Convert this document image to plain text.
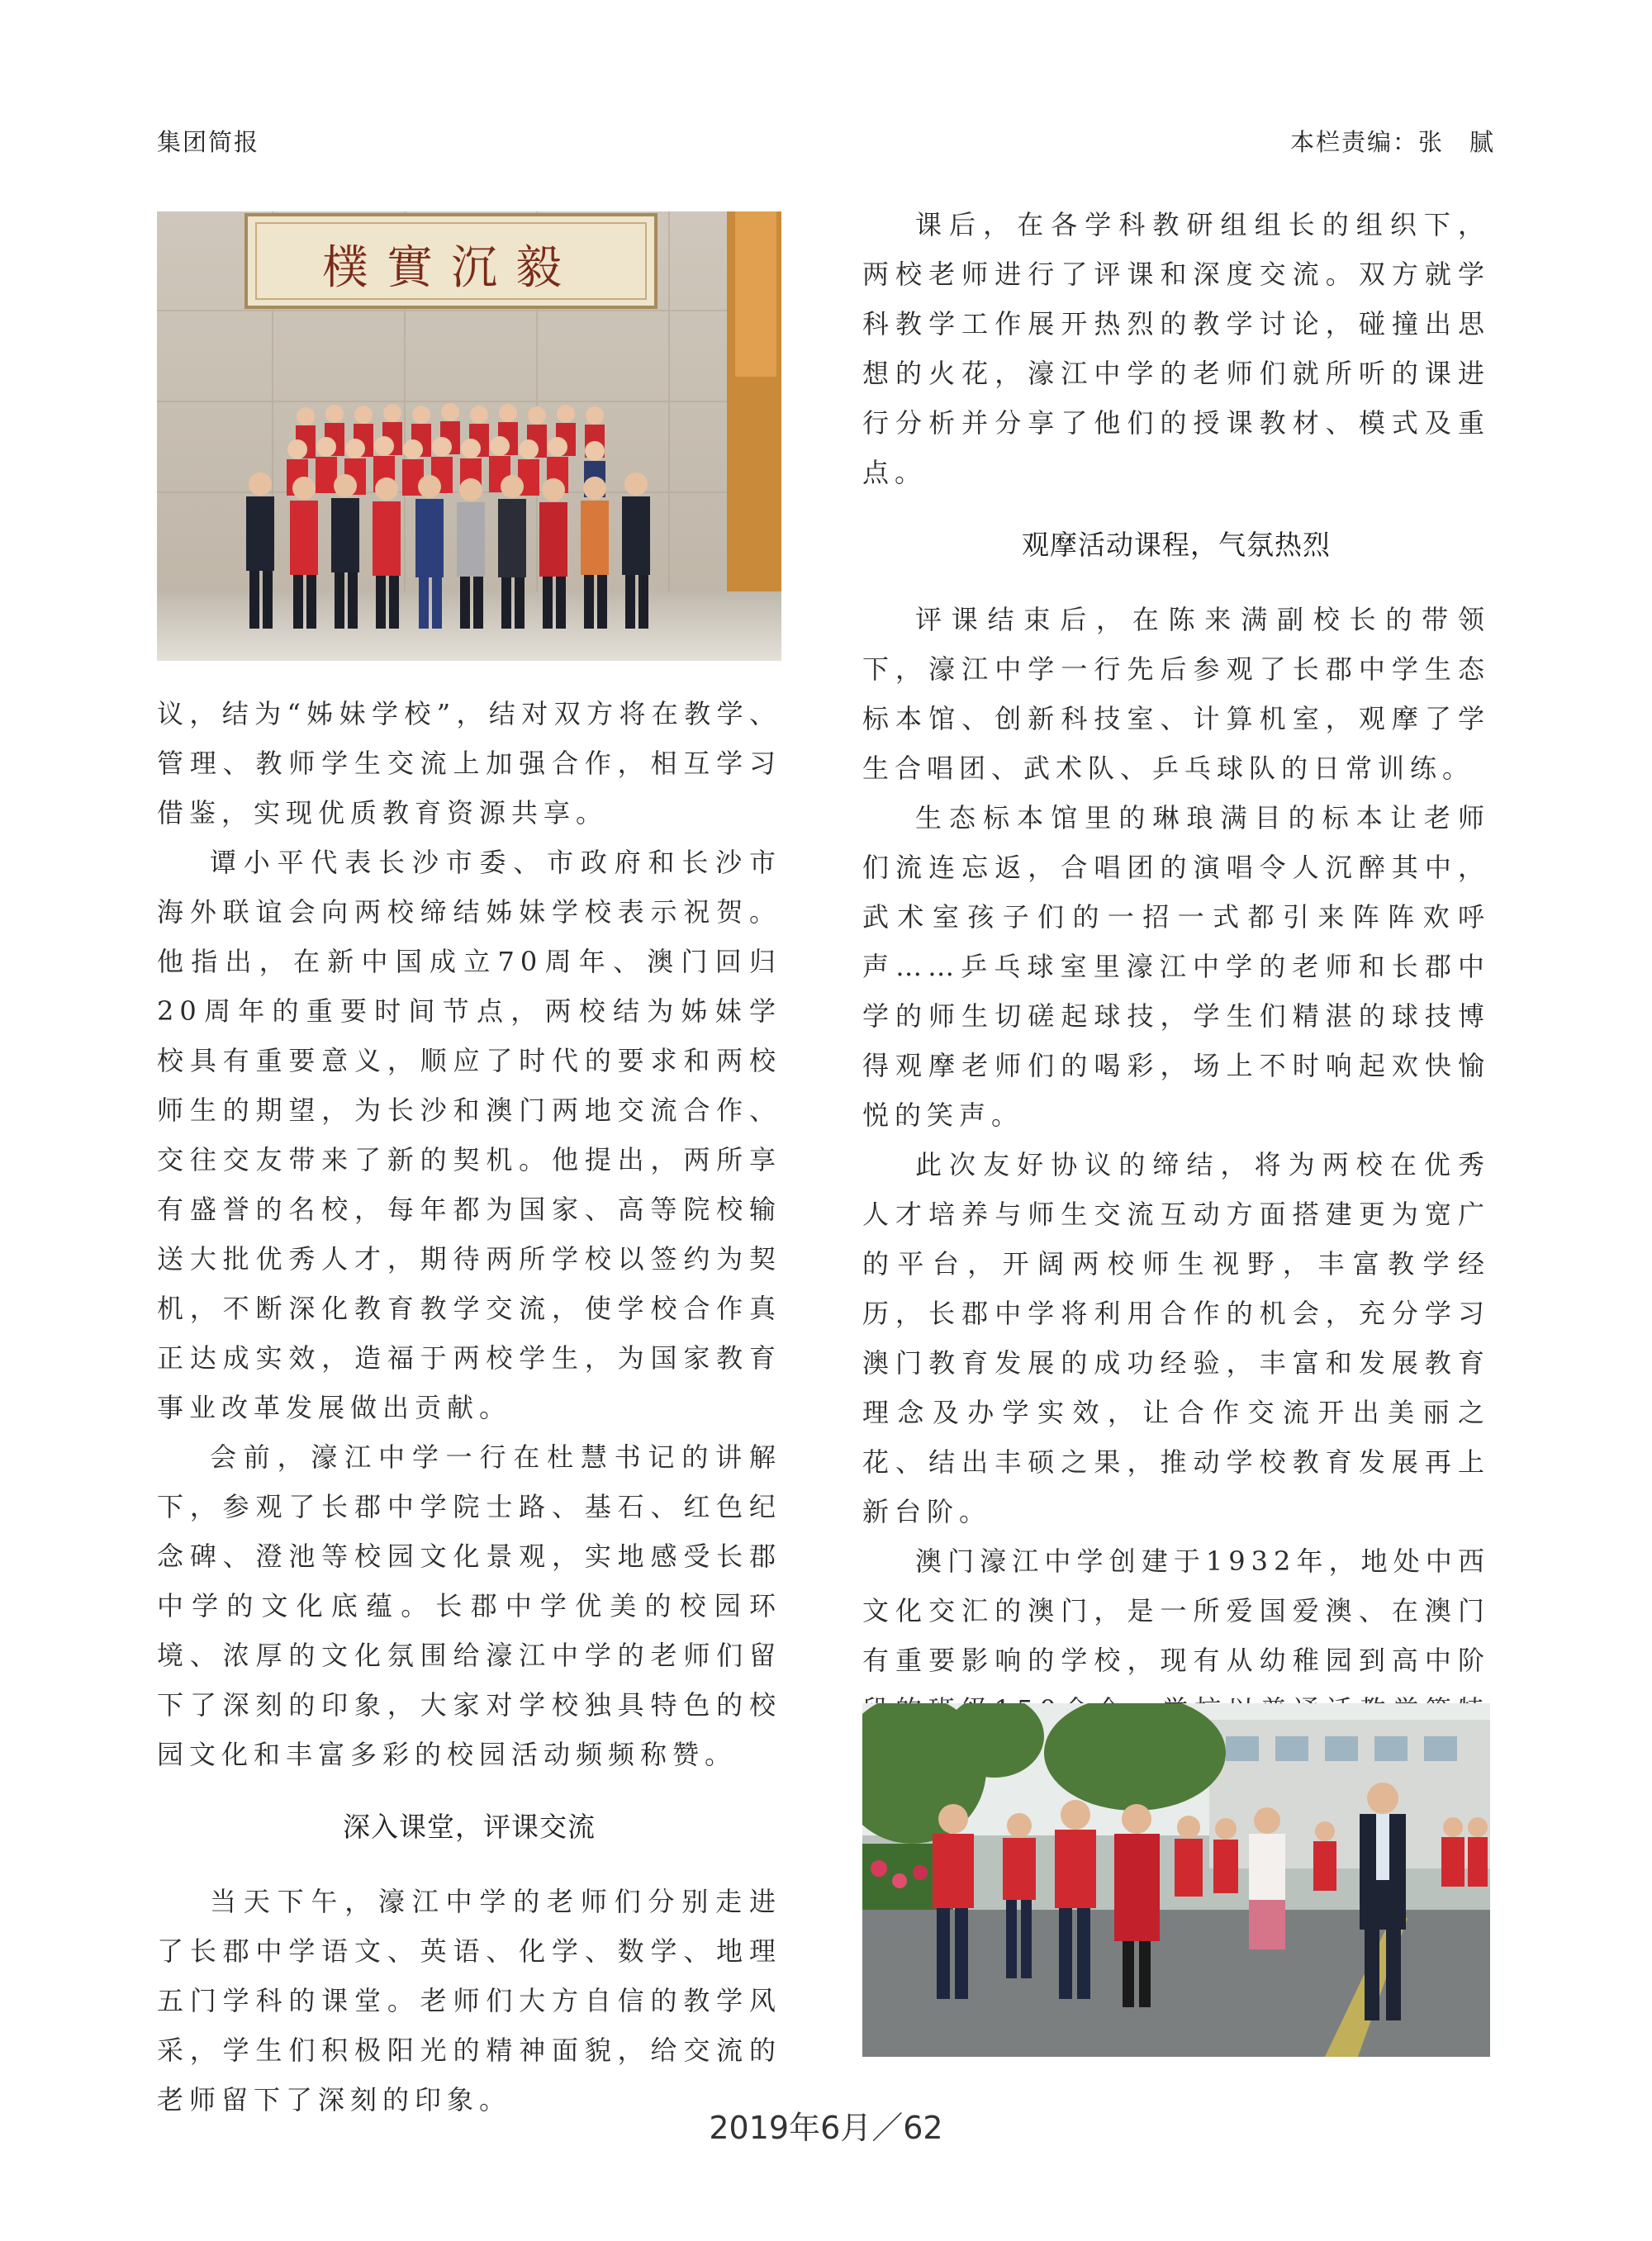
集团简报	本栏责编：张　腻
樸實沉毅

议，结为“姊妹学校”，结对双方将在教学、管理、教师学生交流上加强合作，相互学习借鉴，实现优质教育资源共享。

谭小平代表长沙市委、市政府和长沙市海外联谊会向两校缔结姊妹学校表示祝贺。他指出，在新中国成立70周年、澳门回归20周年的重要时间节点，两校结为姊妹学校具有重要意义，顺应了时代的要求和两校师生的期望，为长沙和澳门两地交流合作、交往交友带来了新的契机。他提出，两所享有盛誉的名校，每年都为国家、高等院校输送大批优秀人才，期待两所学校以签约为契机，不断深化教育教学交流，使学校合作真正达成实效，造福于两校学生，为国家教育事业改革发展做出贡献。

会前，濠江中学一行在杜慧书记的讲解下，参观了长郡中学院士路、基石、红色纪念碑、澄池等校园文化景观，实地感受长郡中学的文化底蕴。长郡中学优美的校园环境、浓厚的文化氛围给濠江中学的老师们留下了深刻的印象，大家对学校独具特色的校园文化和丰富多彩的校园活动频频称赞。

深入课堂，评课交流

当天下午，濠江中学的老师们分别走进了长郡中学语文、英语、化学、数学、地理五门学科的课堂。老师们大方自信的教学风采，学生们积极阳光的精神面貌，给交流的老师留下了深刻的印象。

课后，在各学科教研组组长的组织下，两校老师进行了评课和深度交流。双方就学科教学工作展开热烈的教学讨论，碰撞出思想的火花，濠江中学的老师们就所听的课进行分析并分享了他们的授课教材、模式及重点。

观摩活动课程，气氛热烈

评课结束后，在陈来满副校长的带领下，濠江中学一行先后参观了长郡中学生态标本馆、创新科技室、计算机室，观摩了学生合唱团、武术队、乒乓球队的日常训练。

生态标本馆里的琳琅满目的标本让老师们流连忘返，合唱团的演唱令人沉醉其中，武术室孩子们的一招一式都引来阵阵欢呼声……乒乓球室里濠江中学的老师和长郡中学的师生切磋起球技，学生们精湛的球技博得观摩老师们的喝彩，场上不时响起欢快愉悦的笑声。

此次友好协议的缔结，将为两校在优秀人才培养与师生交流互动方面搭建更为宽广的平台，开阔两校师生视野，丰富教学经历，长郡中学将利用合作的机会，充分学习澳门教育发展的成功经验，丰富和发展教育理念及办学实效，让合作交流开出美丽之花、结出丰硕之果，推动学校教育发展再上新台阶。

澳门濠江中学创建于1932年，地处中西文化交汇的澳门，是一所爱国爱澳、在澳门有重要影响的学校，现有从幼稚园到高中阶

2019年6月／62
